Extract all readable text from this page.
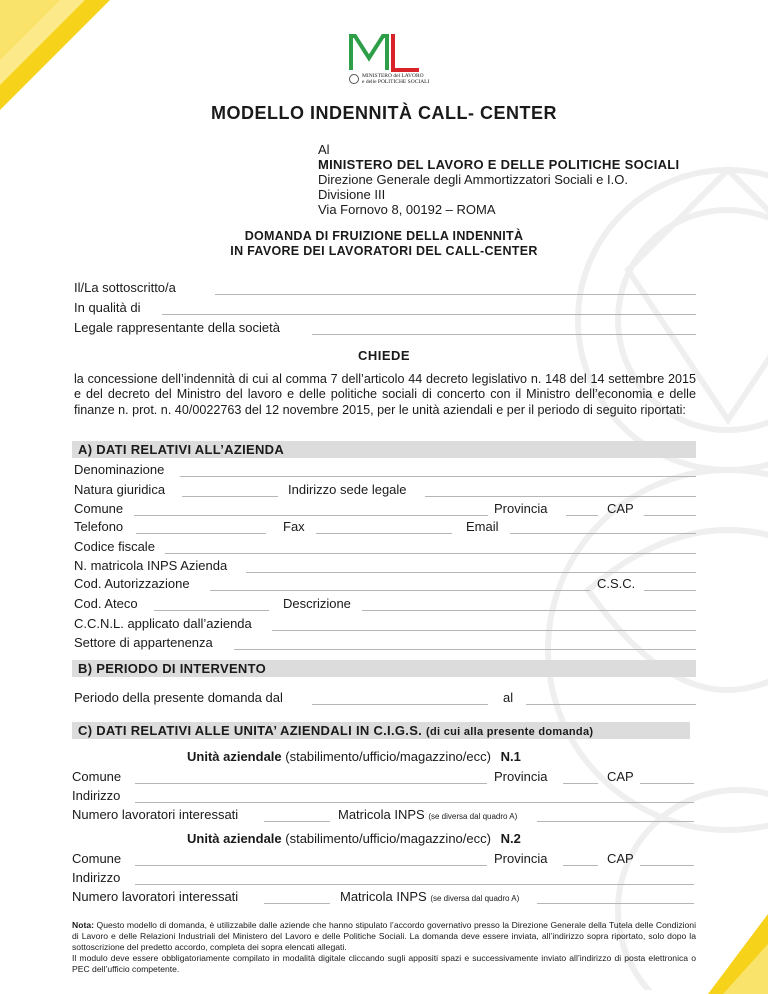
MINISTERO del LAVORO
e delle POLITICHE SOCIALI
MODELLO INDENNITÀ CALL- CENTER
Al
MINISTERO DEL LAVORO E DELLE POLITICHE SOCIALI
Direzione Generale degli Ammortizzatori Sociali e I.O.
Divisione III
Via Fornovo 8, 00192 – ROMA
DOMANDA DI FRUIZIONE DELLA INDENNITÀ
IN FAVORE DEI LAVORATORI DEL CALL-CENTER
Il/La sottoscritto/a
In qualità di
Legale rappresentante della società
CHIEDE
la concessione dell’indennità di cui al comma 7 dell’articolo 44 decreto legislativo n. 148 del 14 settembre 2015 e del decreto del Ministro del lavoro e delle politiche sociali di concerto con il Ministro dell’economia e delle finanze n. prot. n. 40/0022763 del 12 novembre 2015, per le unità aziendali e per il periodo di seguito riportati:
A) DATI RELATIVI ALL’AZIENDA
Denominazione
Natura giuridica	Indirizzo sede legale
Comune	Provincia	CAP
Telefono	Fax	Email
Codice fiscale
N. matricola INPS Azienda
Cod. Autorizzazione	C.S.C.
Cod. Ateco	Descrizione
C.C.N.L. applicato dall’azienda
Settore di appartenenza
B) PERIODO DI INTERVENTO
Periodo della presente domanda dal	al
C) DATI RELATIVI ALLE UNITA’ AZIENDALI IN C.I.G.S. (di cui alla presente domanda)
Unità aziendale (stabilimento/ufficio/magazzino/ecc) N.1
Comune	Provincia	CAP
Indirizzo
Numero lavoratori interessati	Matricola INPS (se diversa dal quadro A)
Unità aziendale (stabilimento/ufficio/magazzino/ecc) N.2
Comune	Provincia	CAP
Indirizzo
Numero lavoratori interessati	Matricola INPS (se diversa dal quadro A)
Nota: Questo modello di domanda, è utilizzabile dalle aziende che hanno stipulato l’accordo governativo presso la Direzione Generale della Tutela delle Condizioni di Lavoro e delle Relazioni Industriali del Ministero del Lavoro e delle Politiche Sociali. La domanda deve essere inviata, all’indirizzo sopra riportato, solo dopo la sottoscrizione del predetto accordo, completa dei sopra elencati allegati.
Il modulo deve essere obbligatoriamente compilato in modalità digitale cliccando sugli appositi spazi e successivamente inviato all’indirizzo di posta elettronica o PEC dell’ufficio competente.
